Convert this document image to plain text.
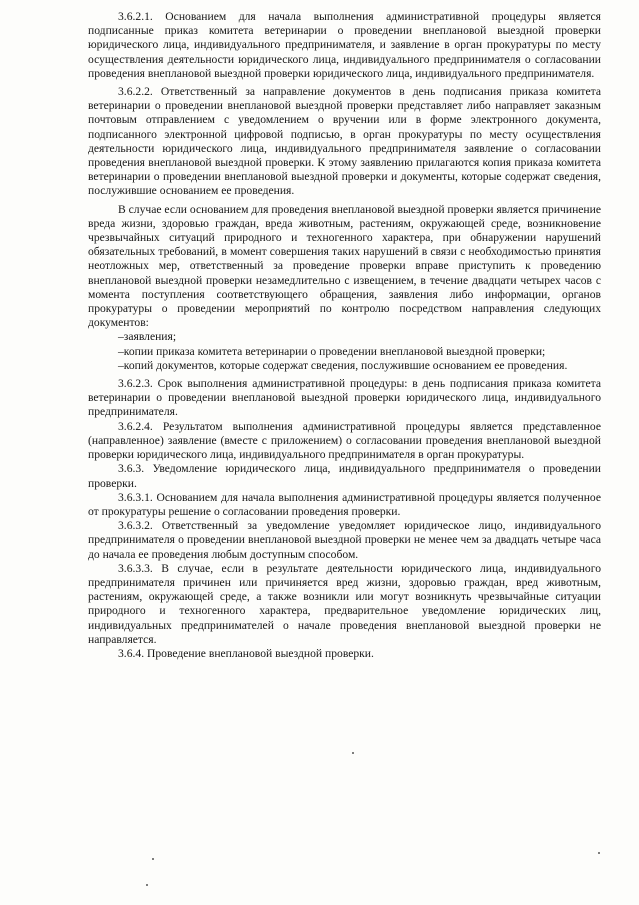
3.6.2.1. Основанием для начала выполнения административной процедуры является подписанные приказ комитета ветеринарии о проведении внеплановой выездной проверки юридического лица, индивидуального предпринимателя, и заявление в орган прокуратуры по месту осуществления деятельности юридического лица, индивидуального предпринимателя о согласовании проведения внеплановой выездной проверки юридического лица, индивидуального предпринимателя.

3.6.2.2. Ответственный за направление документов в день подписания приказа комитета ветеринарии о проведении внеплановой выездной проверки представляет либо направляет заказным почтовым отправлением с уведомлением о вручении или в форме электронного документа, подписанного электронной цифровой подписью, в орган прокуратуры по месту осуществления деятельности юридического лица, индивидуального предпринимателя заявление о согласовании проведения внеплановой выездной проверки. К этому заявлению прилагаются копия приказа комитета ветеринарии о проведении внеплановой выездной проверки и документы, которые содержат сведения, послужившие основанием ее проведения.

В случае если основанием для проведения внеплановой выездной проверки является причинение вреда жизни, здоровью граждан, вреда животным, растениям, окружающей среде, возникновение чрезвычайных ситуаций природного и техногенного характера, при обнаружении нарушений обязательных требований, в момент совершения таких нарушений в связи с необходимостью принятия неотложных мер, ответственный за проведение проверки вправе приступить к проведению внеплановой выездной проверки незамедлительно с извещением, в течение двадцати четырех часов с момента поступления соответствующего обращения, заявления либо информации, органов прокуратуры о проведении мероприятий по контролю посредством направления следующих документов:

–заявления;

–копии приказа комитета ветеринарии о проведении внеплановой выездной проверки;

–копий документов, которые содержат сведения, послужившие основанием ее проведения.

3.6.2.3. Срок выполнения административной процедуры: в день подписания приказа комитета ветеринарии о проведении внеплановой выездной проверки юридического лица, индивидуального предпринимателя.

3.6.2.4. Результатом выполнения административной процедуры является представленное (направленное) заявление (вместе с приложением) о согласовании проведения внеплановой выездной проверки юридического лица, индивидуального предпринимателя в орган прокуратуры.

3.6.3. Уведомление юридического лица, индивидуального предпринимателя о проведении проверки.

3.6.3.1. Основанием для начала выполнения административной процедуры является полученное от прокуратуры решение о согласовании проведения проверки.

3.6.3.2. Ответственный за уведомление уведомляет юридическое лицо, индивидуального предпринимателя о проведении внеплановой выездной проверки не менее чем за двадцать четыре часа до начала ее проведения любым доступным способом.

3.6.3.3. В случае, если в результате деятельности юридического лица, индивидуального предпринимателя причинен или причиняется вред жизни, здоровью граждан, вред животным, растениям, окружающей среде, а также возникли или могут возникнуть чрезвычайные ситуации природного и техногенного характера, предварительное уведомление юридических лиц, индивидуальных предпринимателей о начале проведения внеплановой выездной проверки не направляется.

3.6.4. Проведение внеплановой выездной проверки.
